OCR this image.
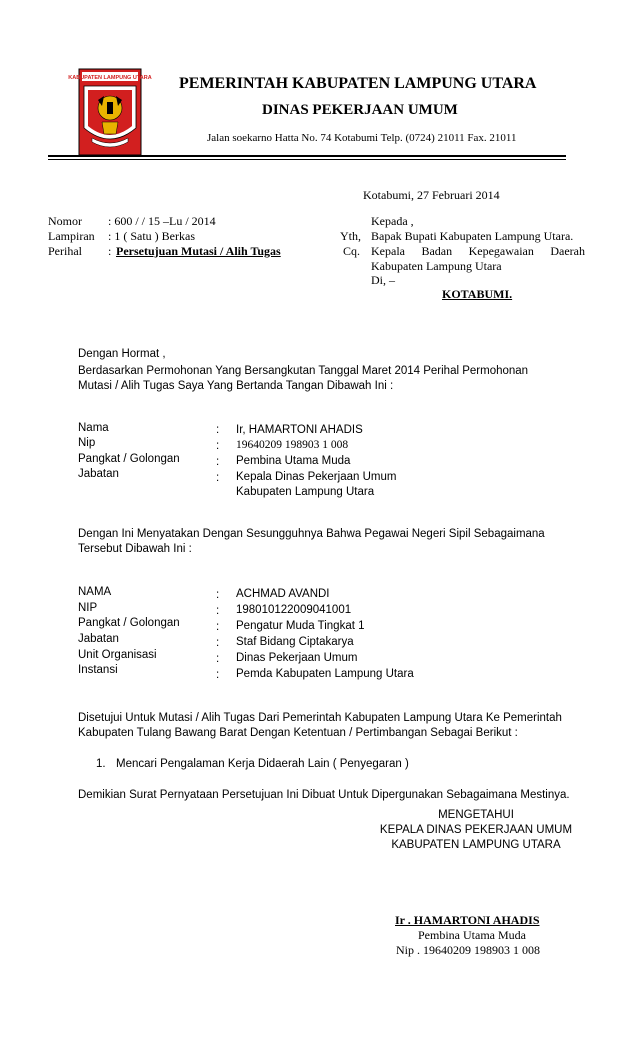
KABUPATEN LAMPUNG UTARA PEMERINTAH KABUPATEN LAMPUNG UTARA
DINAS PEKERJAAN UMUM
Jalan soekarno Hatta No. 74 Kotabumi Telp. (0724) 21011 Fax. 21011
Kotabumi, 27 Februari 2014
Nomor : 600 / / 15 –Lu / 2014
Lampiran : 1 ( Satu ) Berkas
Perihal : Persetujuan Mutasi / Alih Tugas
Kepada ,
Yth, Bapak Bupati Kabupaten Lampung Utara.
Cq. Kepala Badan Kepegawaian Daerah
Kabupaten Lampung Utara
Di, –
KOTABUMI.
Dengan Hormat ,
Berdasarkan Permohonan Yang Bersangkutan Tanggal Maret 2014 Perihal Permohonan
Mutasi / Alih Tugas Saya Yang Bertanda Tangan Dibawah Ini :
Nama	: Ir, HAMARTONI AHADIS
Nip	: 19640209 198903 1 008
Pangkat / Golongan	: Pembina Utama Muda
Jabatan	: Kepala Dinas Pekerjaan Umum
Kabupaten Lampung Utara
Dengan Ini Menyatakan Dengan Sesungguhnya Bahwa Pegawai Negeri Sipil Sebagaimana
Tersebut Dibawah Ini :
NAMA	: ACHMAD AVANDI
NIP	: 198010122009041001
Pangkat / Golongan	: Pengatur Muda Tingkat 1
Jabatan	: Staf Bidang Ciptakarya
Unit Organisasi	: Dinas Pekerjaan Umum
Instansi	: Pemda Kabupaten Lampung Utara
Disetujui Untuk Mutasi / Alih Tugas Dari Pemerintah Kabupaten Lampung Utara Ke Pemerintah
Kabupaten Tulang Bawang Barat Dengan Ketentuan / Pertimbangan Sebagai Berikut :
1. Mencari Pengalaman Kerja Didaerah Lain ( Penyegaran )
Demikian Surat Pernyataan Persetujuan Ini Dibuat Untuk Dipergunakan Sebagaimana Mestinya.
MENGETAHUI
KEPALA DINAS PEKERJAAN UMUM
KABUPATEN LAMPUNG UTARA
Ir . HAMARTONI AHADIS
Pembina Utama Muda
Nip . 19640209 198903 1 008
